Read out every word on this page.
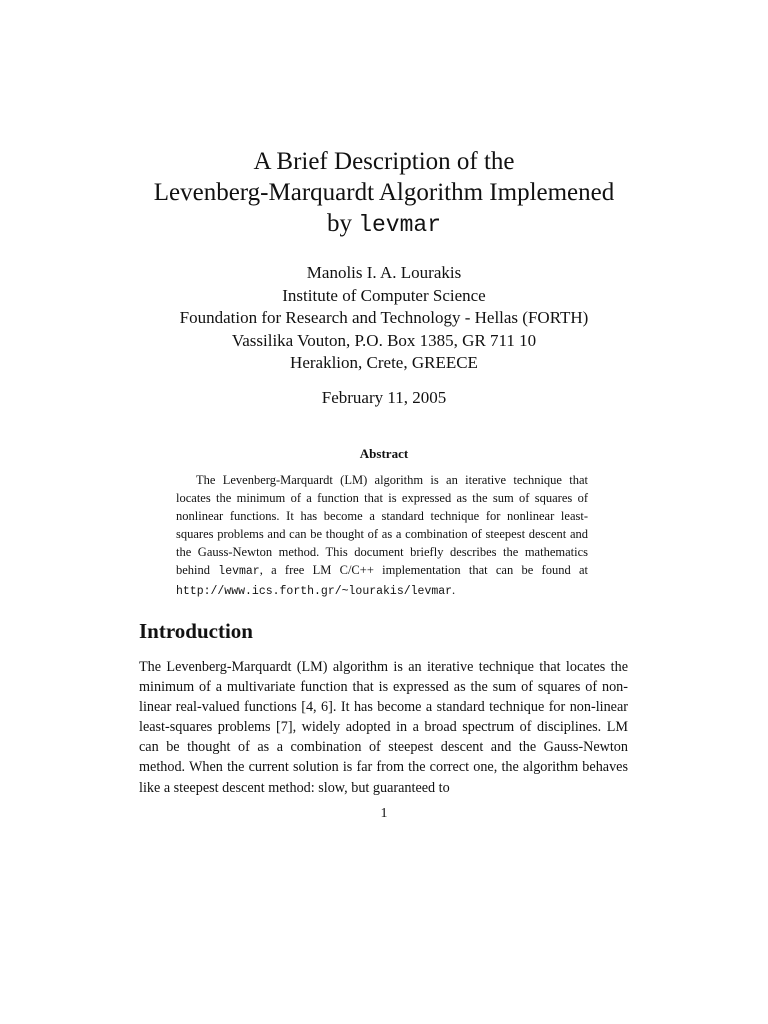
A Brief Description of the
Levenberg-Marquardt Algorithm Implemened
by levmar
Manolis I. A. Lourakis
Institute of Computer Science
Foundation for Research and Technology - Hellas (FORTH)
Vassilika Vouton, P.O. Box 1385, GR 711 10
Heraklion, Crete, GREECE
February 11, 2005
Abstract

The Levenberg-Marquardt (LM) algorithm is an iterative technique that locates the minimum of a function that is expressed as the sum of squares of nonlinear functions. It has become a standard technique for nonlinear least-squares problems and can be thought of as a combination of steepest descent and the Gauss-Newton method. This document briefly describes the mathematics behind levmar, a free LM C/C++ implementation that can be found at http://www.ics.forth.gr/~lourakis/levmar.

Introduction

The Levenberg-Marquardt (LM) algorithm is an iterative technique that locates the minimum of a multivariate function that is expressed as the sum of squares of non-linear real-valued functions [4, 6]. It has become a standard technique for non-linear least-squares problems [7], widely adopted in a broad spectrum of disciplines. LM can be thought of as a combination of steepest descent and the Gauss-Newton method. When the current solution is far from the correct one, the algorithm behaves like a steepest descent method: slow, but guaranteed to

1
